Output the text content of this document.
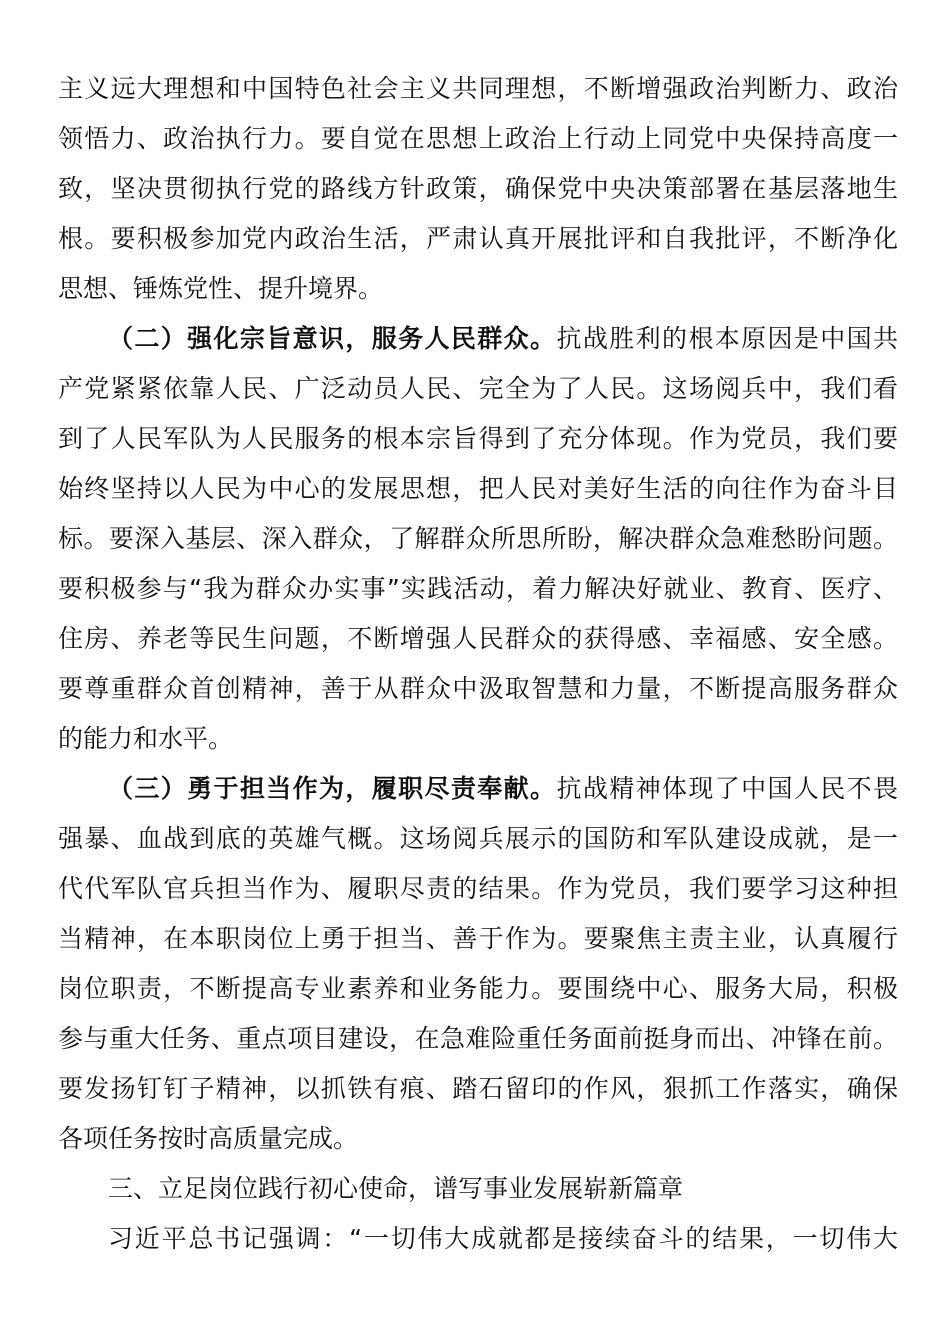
主义远大理想和中国特色社会主义共同理想，不断增强政治判断力、政治
领悟力、政治执行力。要自觉在思想上政治上行动上同党中央保持高度一
致，坚决贯彻执行党的路线方针政策，确保党中央决策部署在基层落地生
根。要积极参加党内政治生活，严肃认真开展批评和自我批评，不断净化
思想、锤炼党性、提升境界。
（二）强化宗旨意识，服务人民群众。抗战胜利的根本原因是中国共
产党紧紧依靠人民、广泛动员人民、完全为了人民。这场阅兵中，我们看
到了人民军队为人民服务的根本宗旨得到了充分体现。作为党员，我们要
始终坚持以人民为中心的发展思想，把人民对美好生活的向往作为奋斗目
标。要深入基层、深入群众，了解群众所思所盼，解决群众急难愁盼问题。
要积极参与“我为群众办实事”实践活动，着力解决好就业、教育、医疗、
住房、养老等民生问题，不断增强人民群众的获得感、幸福感、安全感。
要尊重群众首创精神，善于从群众中汲取智慧和力量，不断提高服务群众
的能力和水平。
（三）勇于担当作为，履职尽责奉献。抗战精神体现了中国人民不畏
强暴、血战到底的英雄气概。这场阅兵展示的国防和军队建设成就，是一
代代军队官兵担当作为、履职尽责的结果。作为党员，我们要学习这种担
当精神，在本职岗位上勇于担当、善于作为。要聚焦主责主业，认真履行
岗位职责，不断提高专业素养和业务能力。要围绕中心、服务大局，积极
参与重大任务、重点项目建设，在急难险重任务面前挺身而出、冲锋在前。
要发扬钉钉子精神，以抓铁有痕、踏石留印的作风，狠抓工作落实，确保
各项任务按时高质量完成。
三、立足岗位践行初心使命，谱写事业发展崭新篇章
习近平总书记强调：“一切伟大成就都是接续奋斗的结果，一切伟大
